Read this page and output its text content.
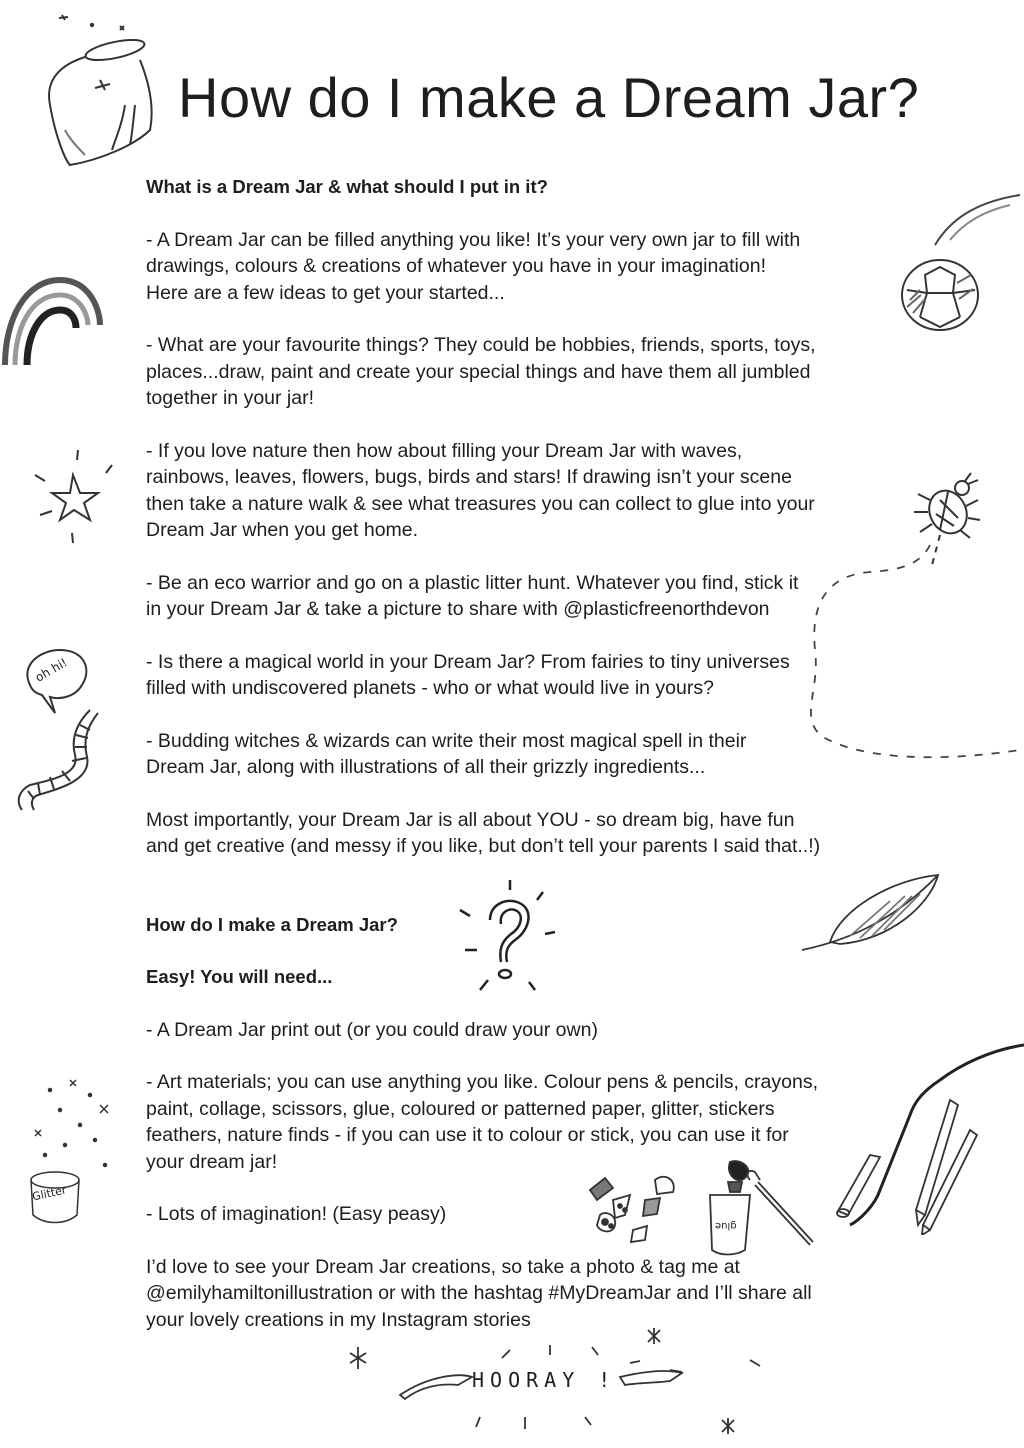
How do I make a Dream Jar?

What is a Dream Jar & what should I put in it?

- A Dream Jar can be filled anything you like! It’s your very own jar to fill with
drawings, colours & creations of whatever you have in your imagination!
Here are a few ideas to get your started...

- What are your favourite things? They could be hobbies, friends, sports, toys,
places...draw, paint and create your special things and have them all jumbled
together in your jar!

- If you love nature then how about filling your Dream Jar with waves,
rainbows, leaves, flowers, bugs, birds and stars! If drawing isn’t your scene
then take a nature walk & see what treasures you can collect to glue into your
Dream Jar when you get home.

- Be an eco warrior and go on a plastic litter hunt. Whatever you find, stick it
in your Dream Jar & take a picture to share with @plasticfreenorthdevon

- Is there a magical world in your Dream Jar? From fairies to tiny universes
filled with undiscovered planets - who or what would live in yours?

- Budding witches & wizards can write their most magical spell in their
Dream Jar, along with illustrations of all their grizzly ingredients...

Most importantly, your Dream Jar is all about YOU - so dream big, have fun
and get creative (and messy if you like, but don’t tell your parents I said that..!)

How do I make a Dream Jar?

Easy! You will need...

- A Dream Jar print out (or you could draw your own)

- Art materials; you can use anything you like. Colour pens & pencils, crayons,
paint, collage, scissors, glue, coloured or patterned paper, glitter, stickers
feathers, nature finds - if you can use it to colour or stick, you can use it for
your dream jar!

- Lots of imagination! (Easy peasy)

I’d love to see your Dream Jar creations, so take a photo & tag me at
@emilyhamiltonillustration or with the hashtag #MyDreamJar and I’ll share all
your lovely creations in my Instagram stories

oh hi!
Glitter
glue
HOORAY !
